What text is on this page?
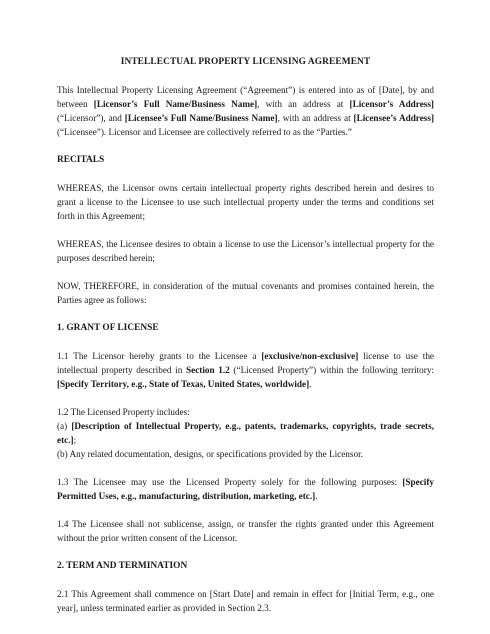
INTELLECTUAL PROPERTY LICENSING AGREEMENT

This Intellectual Property Licensing Agreement (“Agreement”) is entered into as of [Date], by and between [Licensor’s Full Name/Business Name], with an address at [Licensor’s Address] (“Licensor”), and [Licensee’s Full Name/Business Name], with an address at [Licensee’s Address] (“Licensee”). Licensor and Licensee are collectively referred to as the “Parties.”

RECITALS

WHEREAS, the Licensor owns certain intellectual property rights described herein and desires to grant a license to the Licensee to use such intellectual property under the terms and conditions set forth in this Agreement;

WHEREAS, the Licensee desires to obtain a license to use the Licensor’s intellectual property for the purposes described herein;

NOW, THEREFORE, in consideration of the mutual covenants and promises contained herein, the Parties agree as follows:

1. GRANT OF LICENSE

1.1 The Licensor hereby grants to the Licensee a [exclusive/non-exclusive] license to use the intellectual property described in Section 1.2 (“Licensed Property”) within the following territory: [Specify Territory, e.g., State of Texas, United States, worldwide].

1.2 The Licensed Property includes:

(a) [Description of Intellectual Property, e.g., patents, trademarks, copyrights, trade secrets, etc.];

(b) Any related documentation, designs, or specifications provided by the Licensor.

1.3 The Licensee may use the Licensed Property solely for the following purposes: [Specify Permitted Uses, e.g., manufacturing, distribution, marketing, etc.].

1.4 The Licensee shall not sublicense, assign, or transfer the rights granted under this Agreement without the prior written consent of the Licensor.

2. TERM AND TERMINATION

2.1 This Agreement shall commence on [Start Date] and remain in effect for [Initial Term, e.g., one year], unless terminated earlier as provided in Section 2.3.
